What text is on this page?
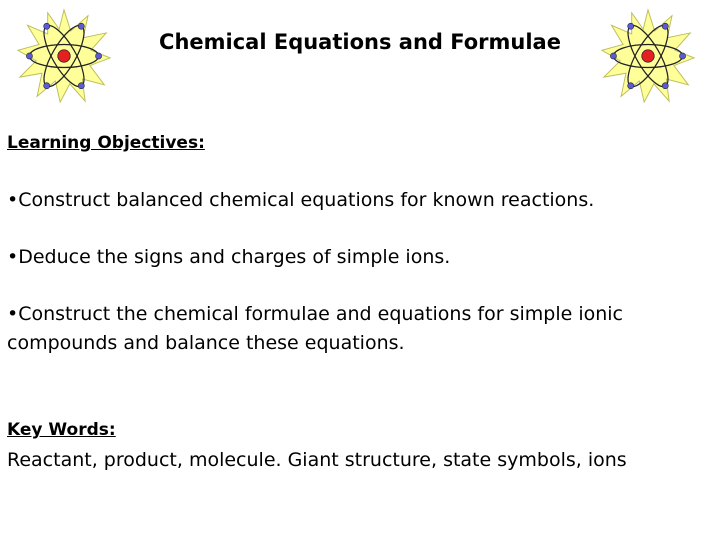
Chemical Equations and Formulae
Learning Objectives:
•Construct balanced chemical equations for known reactions.
•Deduce the signs and charges of simple ions.
•Construct the chemical formulae and equations for simple ionic compounds and balance these equations.
Key Words:
Reactant, product, molecule. Giant structure, state symbols, ions
